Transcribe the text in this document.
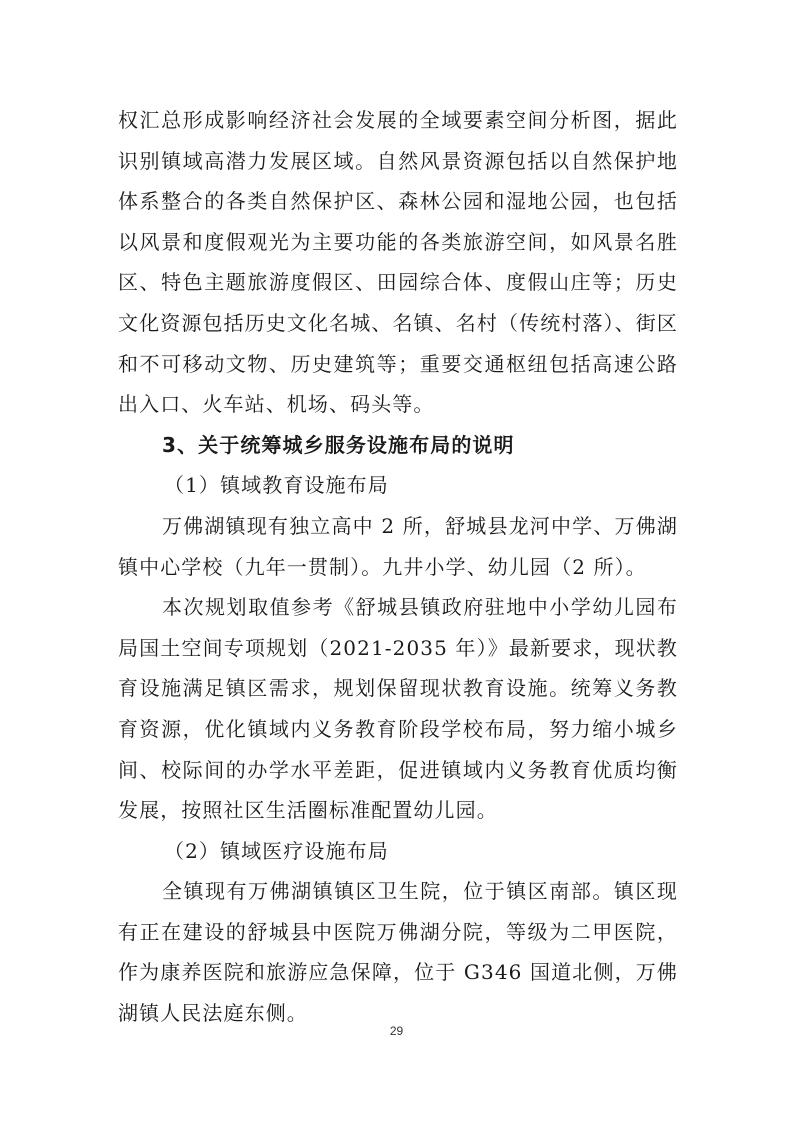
权汇总形成影响经济社会发展的全域要素空间分析图，据此识别镇域高潜力发展区域。自然风景资源包括以自然保护地体系整合的各类自然保护区、森林公园和湿地公园，也包括以风景和度假观光为主要功能的各类旅游空间，如风景名胜区、特色主题旅游度假区、田园综合体、度假山庄等；历史文化资源包括历史文化名城、名镇、名村（传统村落）、街区和不可移动文物、历史建筑等；重要交通枢纽包括高速公路出入口、火车站、机场、码头等。

3、关于统筹城乡服务设施布局的说明

（1）镇域教育设施布局

万佛湖镇现有独立高中 2 所，舒城县龙河中学、万佛湖镇中心学校（九年一贯制）。九井小学、幼儿园（2 所）。

本次规划取值参考《舒城县镇政府驻地中小学幼儿园布局国土空间专项规划（2021-2035 年）》最新要求，现状教育设施满足镇区需求，规划保留现状教育设施。统筹义务教育资源，优化镇域内义务教育阶段学校布局，努力缩小城乡间、校际间的办学水平差距，促进镇域内义务教育优质均衡发展，按照社区生活圈标准配置幼儿园。

（2）镇域医疗设施布局

全镇现有万佛湖镇镇区卫生院，位于镇区南部。镇区现有正在建设的舒城县中医院万佛湖分院，等级为二甲医院，作为康养医院和旅游应急保障，位于 G346 国道北侧，万佛湖镇人民法庭东侧。

29
